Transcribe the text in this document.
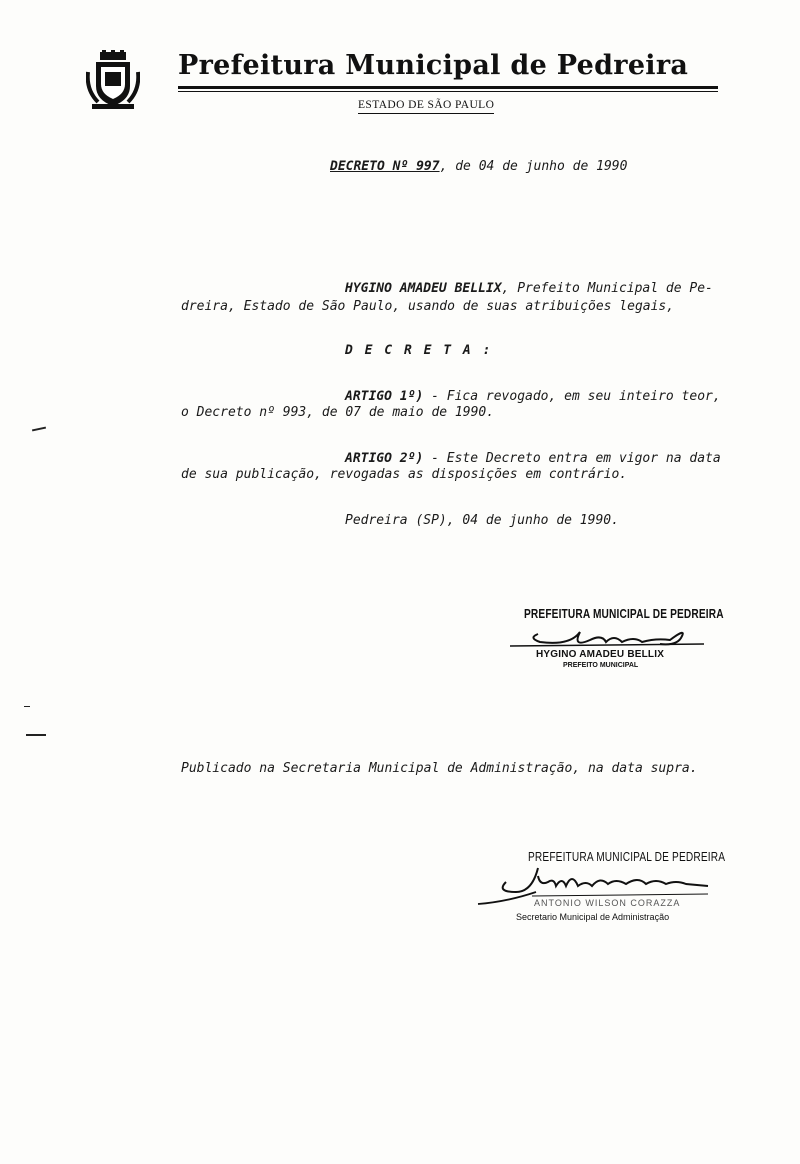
Prefeitura Municipal de Pedreira
ESTADO DE SÃO PAULO
DECRETO Nº 997, de 04 de junho de 1990
HYGINO AMADEU BELLIX, Prefeito Municipal de Pe-
dreira, Estado de São Paulo, usando de suas atribuições legais,
D E C R E T A :
ARTIGO 1º) - Fica revogado, em seu inteiro teor,
o Decreto nº 993, de 07 de maio de 1990.
ARTIGO 2º) - Este Decreto entra em vigor na data
de sua publicação, revogadas as disposições em contrário.
Pedreira (SP), 04 de junho de 1990.
PREFEITURA MUNICIPAL DE PEDREIRA
HYGINO AMADEU BELLIX
PREFEITO MUNICIPAL
Publicado na Secretaria Municipal de Administração, na data supra.
PREFEITURA MUNICIPAL DE PEDREIRA
ANTONIO WILSON CORAZZA
Secretario Municipal de Administração
